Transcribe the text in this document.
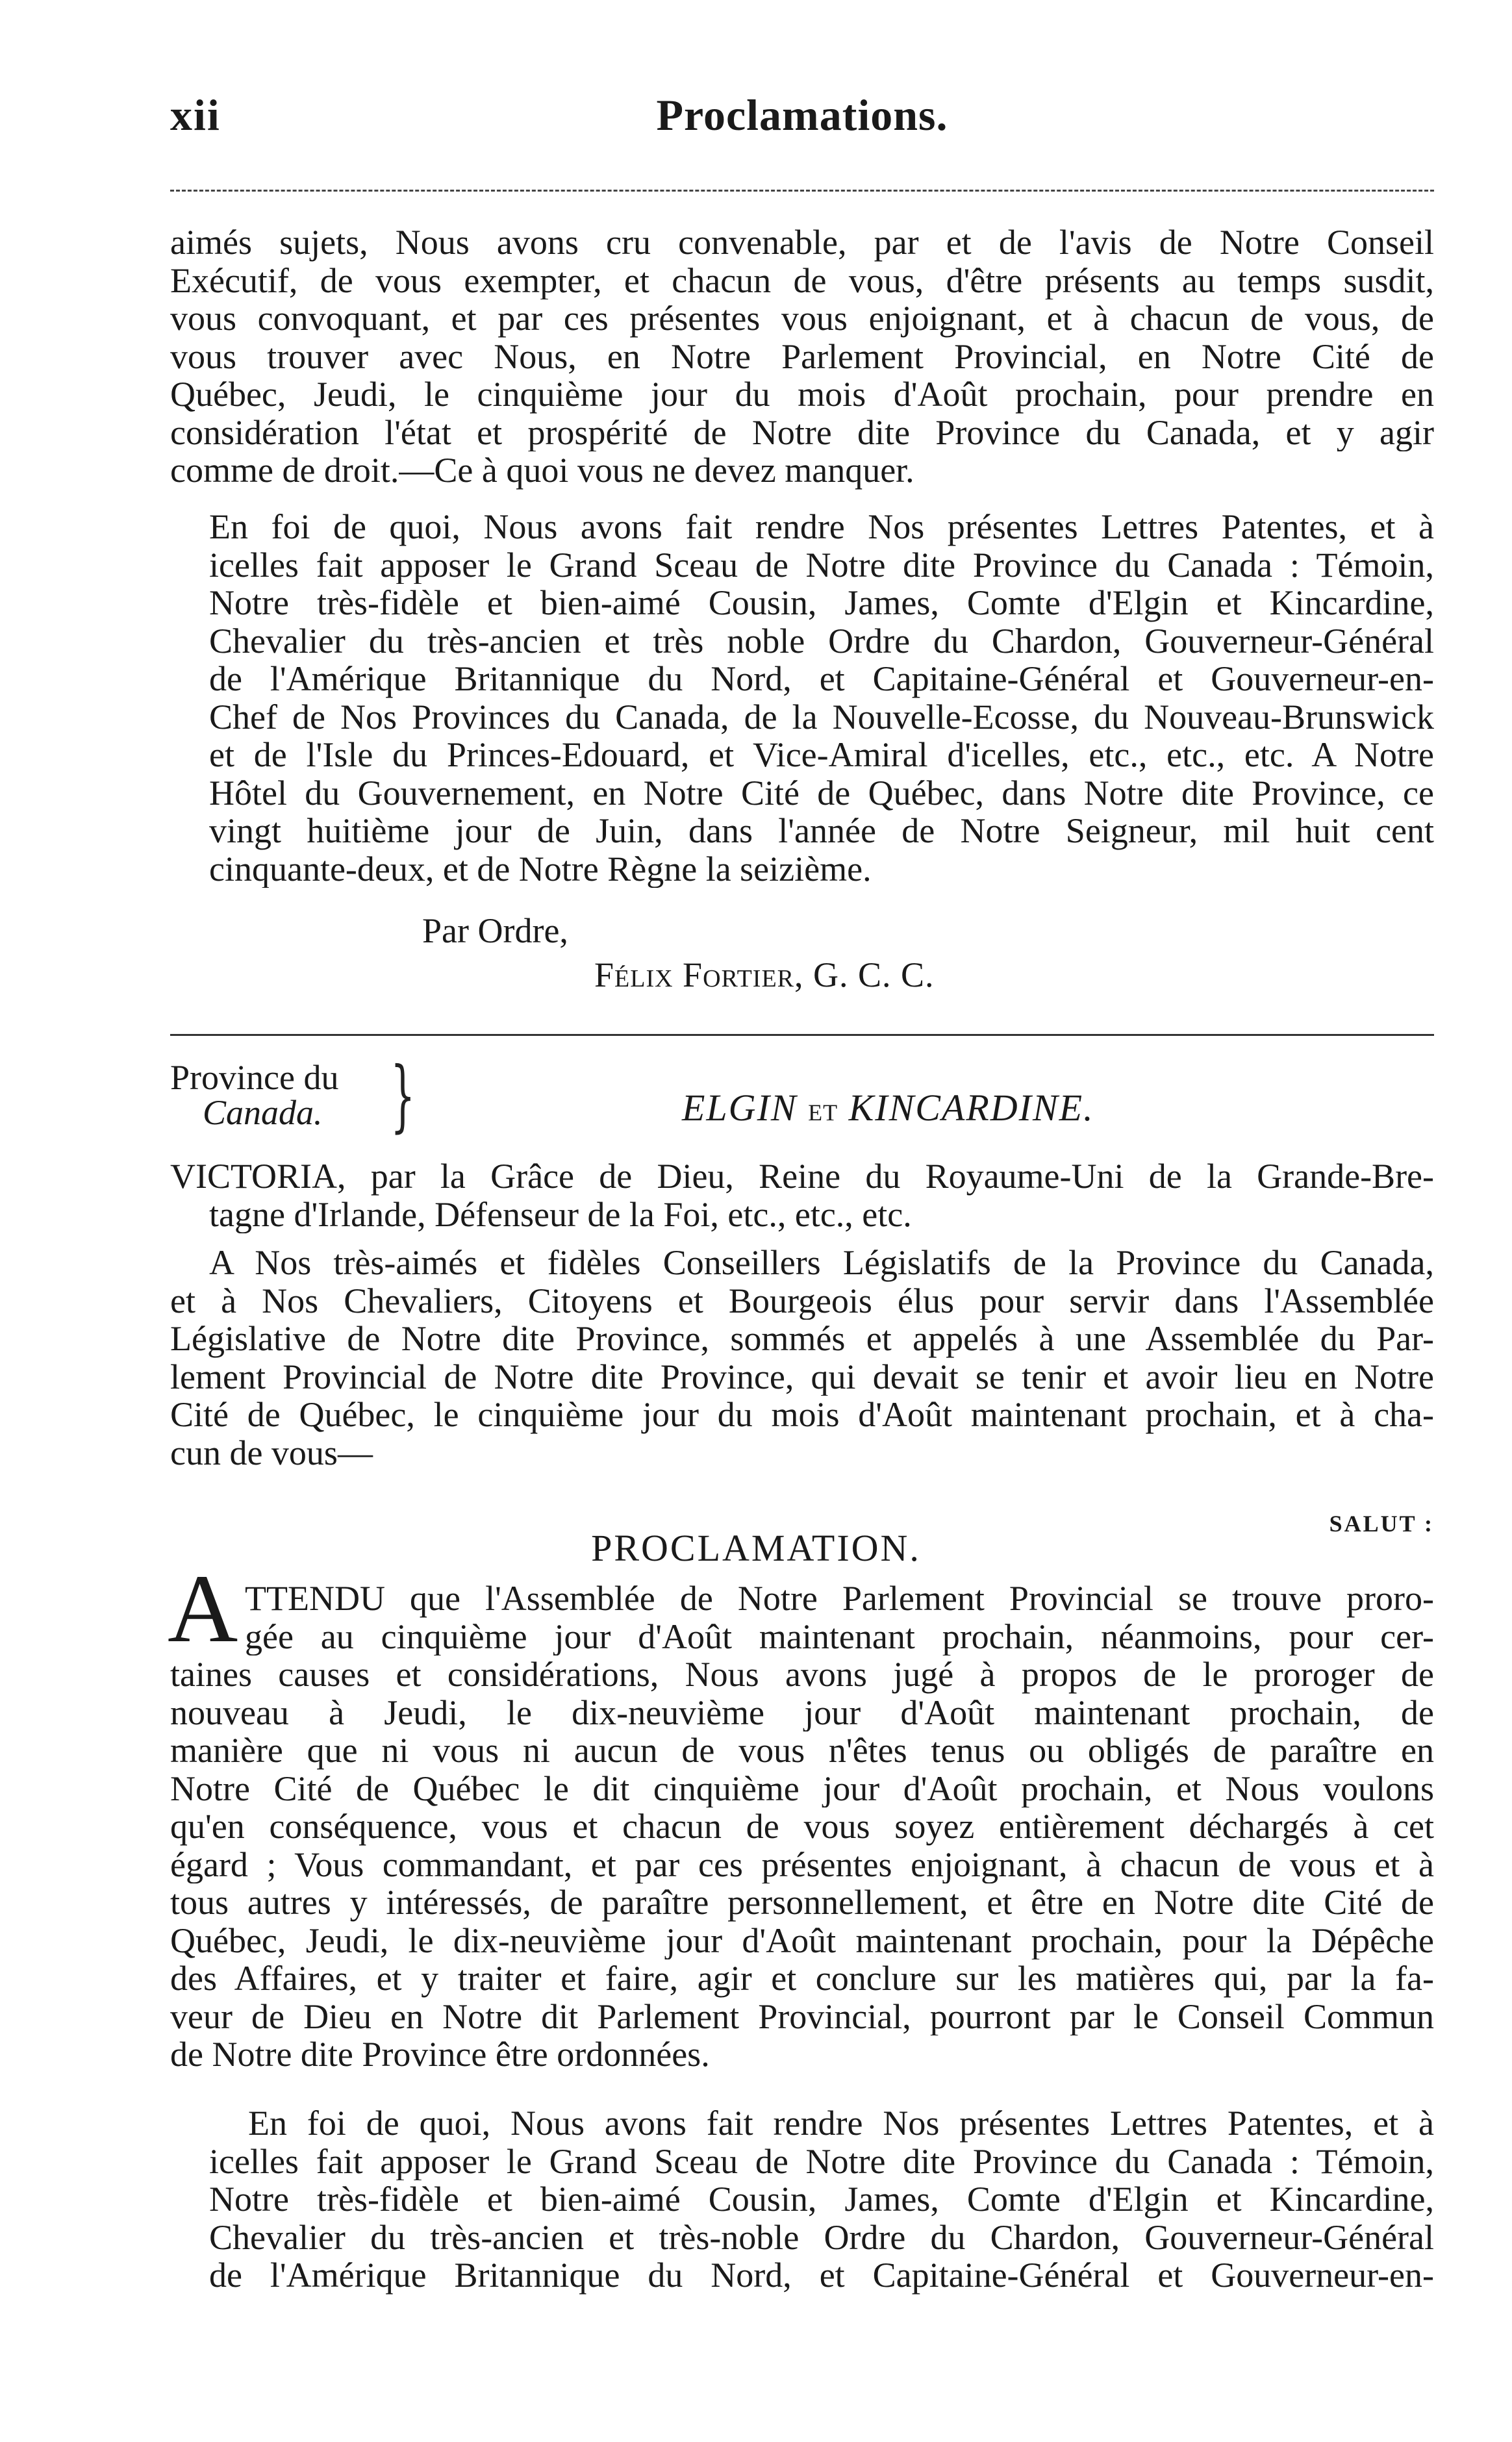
xii	Proclamations.
aimés sujets, Nous avons cru convenable, par et de l'avis de Notre Conseil
Exécutif, de vous exempter, et chacun de vous, d'être présents au temps susdit,
vous convoquant, et par ces présentes vous enjoignant, et à chacun de vous, de
vous trouver avec Nous, en Notre Parlement Provincial, en Notre Cité de
Québec, Jeudi, le cinquième jour du mois d'Août prochain, pour prendre en
considération l'état et prospérité de Notre dite Province du Canada, et y agir
comme de droit.—Ce à quoi vous ne devez manquer.
En foi de quoi, Nous avons fait rendre Nos présentes Lettres Patentes, et à
icelles fait apposer le Grand Sceau de Notre dite Province du Canada : Témoin,
Notre très-fidèle et bien-aimé Cousin, James, Comte d'Elgin et Kincardine,
Chevalier du très-ancien et très noble Ordre du Chardon, Gouverneur-Général
de l'Amérique Britannique du Nord, et Capitaine-Général et Gouverneur-en-
Chef de Nos Provinces du Canada, de la Nouvelle-Ecosse, du Nouveau-Brunswick
et de l'Isle du Princes-Edouard, et Vice-Amiral d'icelles, etc., etc., etc. A Notre
Hôtel du Gouvernement, en Notre Cité de Québec, dans Notre dite Province, ce
vingt huitième jour de Juin, dans l'année de Notre Seigneur, mil huit cent
cinquante-deux, et de Notre Règne la seizième.
Par Ordre,
Félix Fortier, G. C. C.
Province du
Canada. }	ELGIN ET KINCARDINE.
VICTORIA, par la Grâce de Dieu, Reine du Royaume-Uni de la Grande-Bre-
tagne d'Irlande, Défenseur de la Foi, etc., etc., etc.
A Nos très-aimés et fidèles Conseillers Législatifs de la Province du Canada,
et à Nos Chevaliers, Citoyens et Bourgeois élus pour servir dans l'Assemblée
Législative de Notre dite Province, sommés et appelés à une Assemblée du Par-
lement Provincial de Notre dite Province, qui devait se tenir et avoir lieu en Notre
Cité de Québec, le cinquième jour du mois d'Août maintenant prochain, et à cha-
cun de vous—
SALUT :
PROCLAMATION.
A TTENDU que l'Assemblée de Notre Parlement Provincial se trouve proro-
gée au cinquième jour d'Août maintenant prochain, néanmoins, pour cer-
taines causes et considérations, Nous avons jugé à propos de le proroger de
nouveau à Jeudi, le dix-neuvième jour d'Août maintenant prochain, de
manière que ni vous ni aucun de vous n'êtes tenus ou obligés de paraître en
Notre Cité de Québec le dit cinquième jour d'Août prochain, et Nous voulons
qu'en conséquence, vous et chacun de vous soyez entièrement déchargés à cet
égard ; Vous commandant, et par ces présentes enjoignant, à chacun de vous et à
tous autres y intéressés, de paraître personnellement, et être en Notre dite Cité de
Québec, Jeudi, le dix-neuvième jour d'Août maintenant prochain, pour la Dépêche
des Affaires, et y traiter et faire, agir et conclure sur les matières qui, par la fa-
veur de Dieu en Notre dit Parlement Provincial, pourront par le Conseil Commun
de Notre dite Province être ordonnées.
En foi de quoi, Nous avons fait rendre Nos présentes Lettres Patentes, et à
icelles fait apposer le Grand Sceau de Notre dite Province du Canada : Témoin,
Notre très-fidèle et bien-aimé Cousin, James, Comte d'Elgin et Kincardine,
Chevalier du très-ancien et très-noble Ordre du Chardon, Gouverneur-Général
de l'Amérique Britannique du Nord, et Capitaine-Général et Gouverneur-en-
